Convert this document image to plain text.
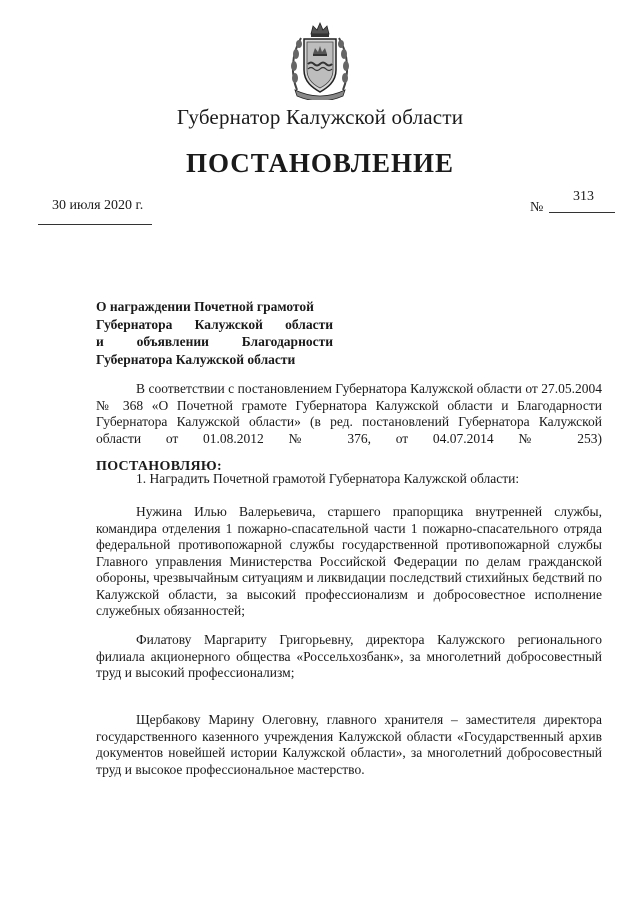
Губернатор Калужской области
ПОСТАНОВЛЕНИЕ
30 июля 2020 г.	№
313
О награждении Почетной грамотой
Губернатора Калужской области
и объявлении Благодарности
Губернатора Калужской области
В соответствии с постановлением Губернатора Калужской области от 27.05.2004 № 368 «О Почетной грамоте Губернатора Калужской области и Благодарности Губернатора Калужской области» (в ред. постановлений Губернатора Калужской области от 01.08.2012 № 376, от 04.07.2014 № 253)
ПОСТАНОВЛЯЮ:
1. Наградить Почетной грамотой Губернатора Калужской области:
Нужина Илью Валерьевича, старшего прапорщика внутренней службы, командира отделения 1 пожарно-спасательной части 1 пожарно-спасательного отряда федеральной противопожарной службы государственной противопожарной службы Главного управления Министерства Российской Федерации по делам гражданской обороны, чрезвычайным ситуациям и ликвидации последствий стихийных бедствий по Калужской области, за высокий профессионализм и добросовестное исполнение служебных обязанностей;
Филатову Маргариту Григорьевну, директора Калужского регионального филиала акционерного общества «Россельхозбанк», за многолетний добросовестный труд и высокий профессионализм;
Щербакову Марину Олеговну, главного хранителя – заместителя директора государственного казенного учреждения Калужской области «Государственный архив документов новейшей истории Калужской области», за многолетний добросовестный труд и высокое профессиональное мастерство.
